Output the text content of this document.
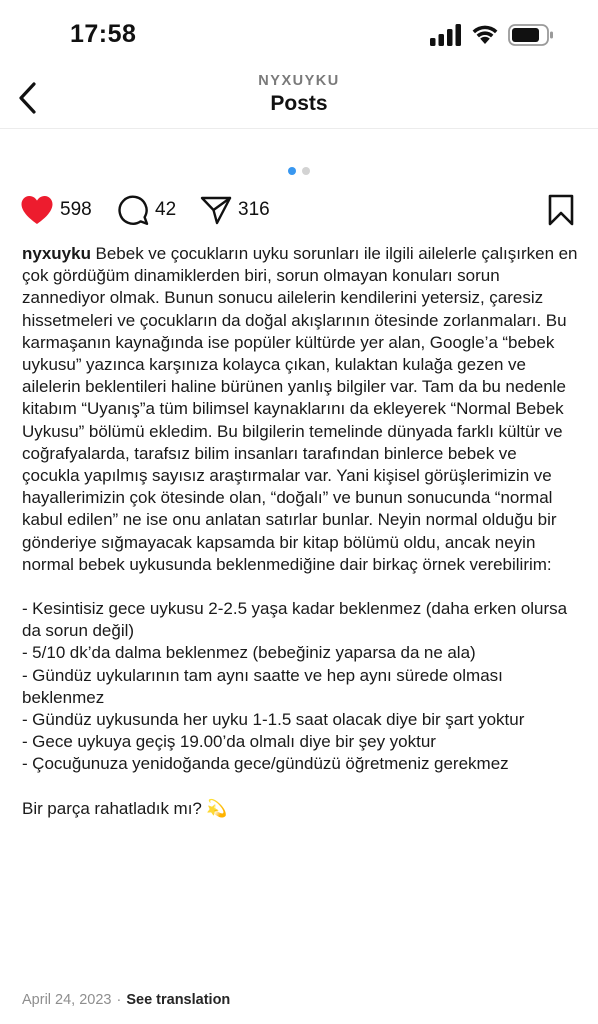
17:58
NYXUYKU
Posts
598	42	316

nyxuyku Bebek ve çocukların uyku sorunları ile ilgili ailelerle çalışırken en çok gördüğüm dinamiklerden biri, sorun olmayan konuları sorun zannediyor olmak. Bunun sonucu ailelerin kendilerini yetersiz, çaresiz hissetmeleri ve çocukların da doğal akışlarının ötesinde zorlanmaları. Bu karmaşanın kaynağında ise popüler kültürde yer alan, Google’a “bebek uykusu” yazınca karşınıza kolayca çıkan, kulaktan kulağa gezen ve ailelerin beklentileri haline bürünen yanlış bilgiler var. Tam da bu nedenle kitabım “Uyanış”a tüm bilimsel kaynaklarını da ekleyerek “Normal Bebek Uykusu” bölümü ekledim. Bu bilgilerin temelinde dünyada farklı kültür ve coğrafyalarda, tarafsız bilim insanları tarafından binlerce bebek ve çocukla yapılmış sayısız araştırmalar var. Yani kişisel görüşlerimizin ve hayallerimizin çok ötesinde olan, “doğalı” ve bunun sonucunda “normal kabul edilen” ne ise onu anlatan satırlar bunlar. Neyin normal olduğu bir gönderiye sığmayacak kapsamda bir kitap bölümü oldu, ancak neyin normal bebek uykusunda beklenmediğine dair birkaç örnek verebilirim:

- Kesintisiz gece uykusu 2-2.5 yaşa kadar beklenmez (daha erken olursa da sorun değil)
- 5/10 dk’da dalma beklenmez (bebeğiniz yaparsa da ne ala)
- Gündüz uykularının tam aynı saatte ve hep aynı sürede olması beklenmez
- Gündüz uykusunda her uyku 1-1.5 saat olacak diye bir şart yoktur
- Gece uykuya geçiş 19.00’da olmalı diye bir şey yoktur
- Çocuğunuza yenidoğanda gece/gündüzü öğretmeniz gerekmez

Bir parça rahatladık mı? 💫

April 24, 2023 · See translation
